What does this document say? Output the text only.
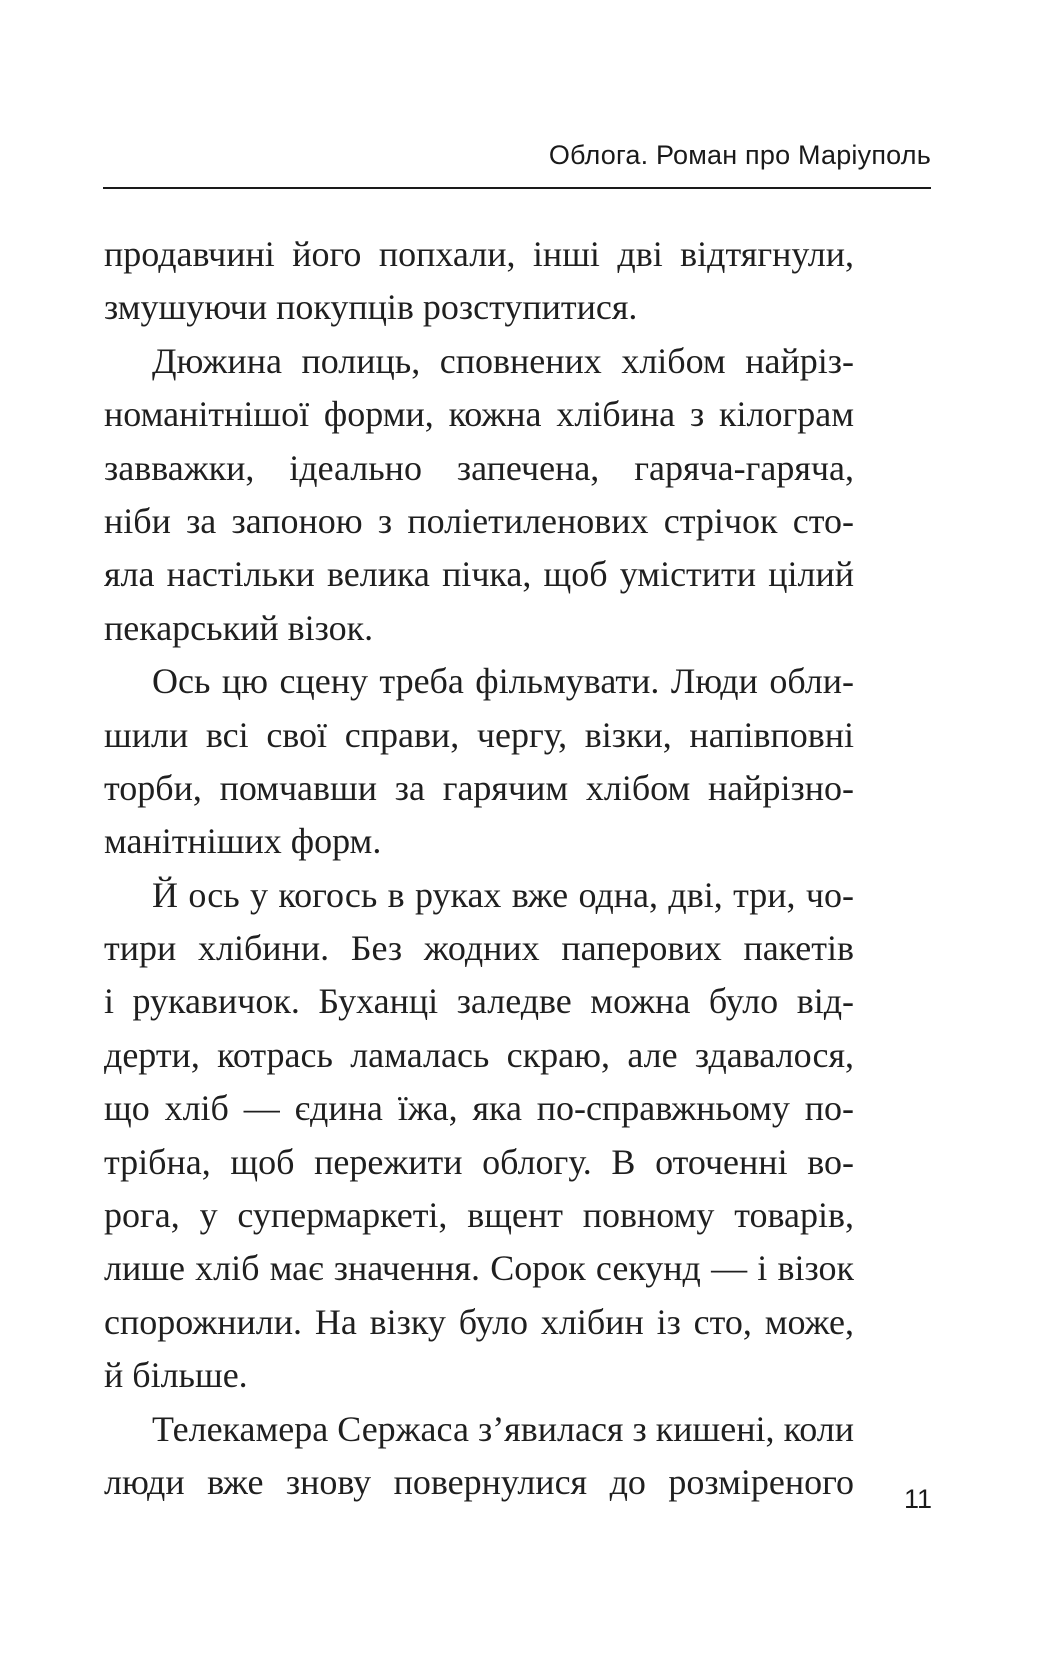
Облога. Роман про Маріуполь
продавчині його попхали, інші дві відтягнули,
змушуючи покупців розступитися.
Дюжина полиць, сповнених хлібом найріз-
номанітнішої форми, кожна хлібина з кілограм
завважки, ідеально запечена, гаряча-гаряча,
ніби за запоною з поліетиленових стрічок сто-
яла настільки велика пічка, щоб умістити цілий
пекарський візок.
Ось цю сцену треба фільмувати. Люди обли-
шили всі свої справи, чергу, візки, напівповні
торби, помчавши за гарячим хлібом найрізно-
манітніших форм.
Й ось у когось в руках вже одна, дві, три, чо-
тири хлібини. Без жодних паперових пакетів
і рукавичок. Буханці заледве можна було від-
дерти, котрась ламалась скраю, але здавалося,
що хліб — єдина їжа, яка по-справжньому по-
трібна, щоб пережити облогу. В оточенні во-
рога, у супермаркеті, вщент повному товарів,
лише хліб має значення. Сорок секунд — і візок
спорожнили. На візку було хлібин із сто, може,
й більше.
Телекамера Сержаса з’явилася з кишені, коли
люди вже знову повернулися до розміреного 11
